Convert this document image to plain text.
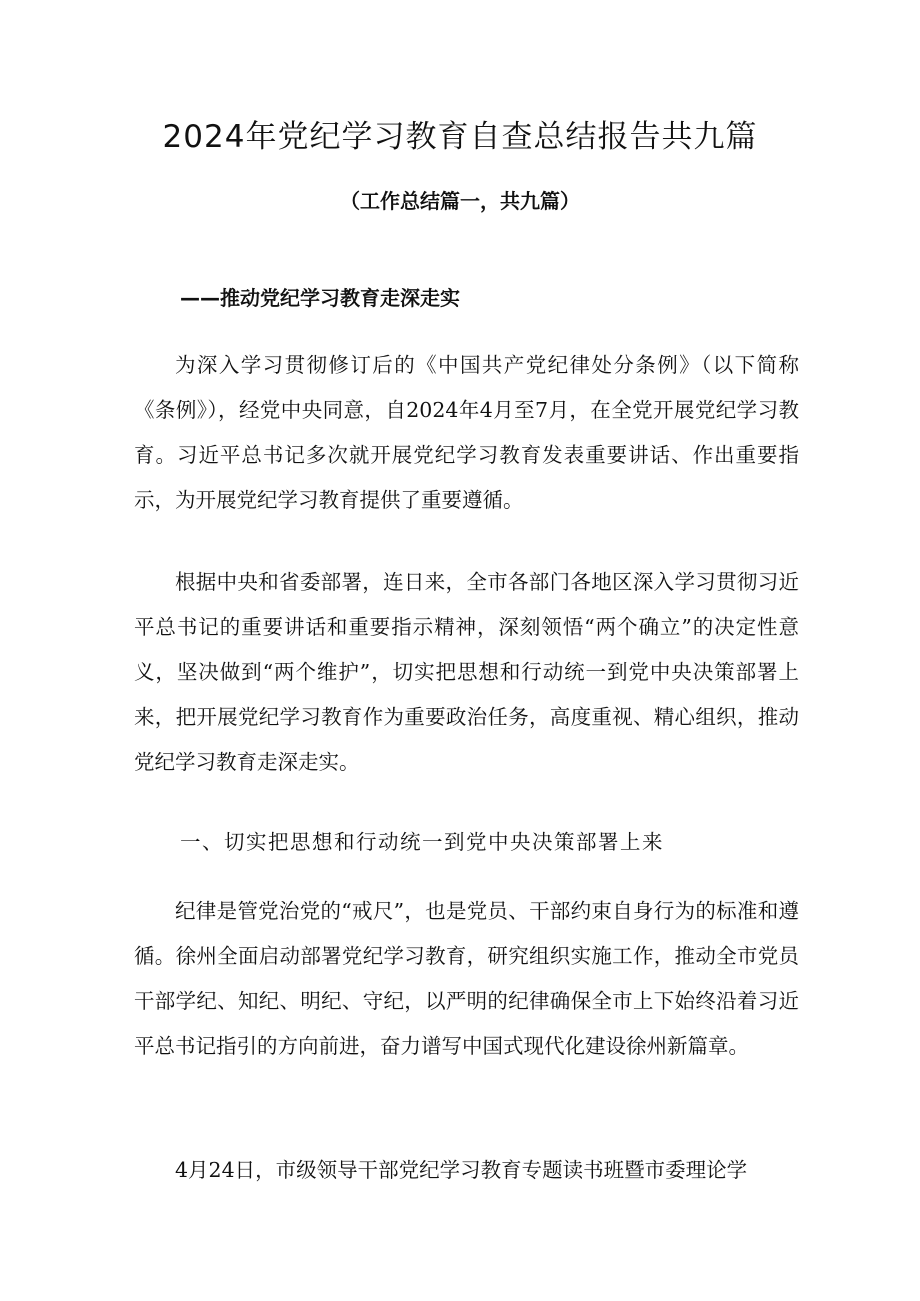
2024年党纪学习教育自查总结报告共九篇
（工作总结篇一，共九篇）
——推动党纪学习教育走深走实

为深入学习贯彻修订后的《中国共产党纪律处分条例》（以下简称《条例》），经党中央同意，自2024年4月至7月，在全党开展党纪学习教育。习近平总书记多次就开展党纪学习教育发表重要讲话、作出重要指示，为开展党纪学习教育提供了重要遵循。

根据中央和省委部署，连日来，全市各部门各地区深入学习贯彻习近平总书记的重要讲话和重要指示精神，深刻领悟“两个确立”的决定性意义，坚决做到“两个维护”，切实把思想和行动统一到党中央决策部署上来，把开展党纪学习教育作为重要政治任务，高度重视、精心组织，推动党纪学习教育走深走实。

一、切实把思想和行动统一到党中央决策部署上来

纪律是管党治党的“戒尺”，也是党员、干部约束自身行为的标准和遵循。徐州全面启动部署党纪学习教育，研究组织实施工作，推动全市党员干部学纪、知纪、明纪、守纪，以严明的纪律确保全市上下始终沿着习近平总书记指引的方向前进，奋力谱写中国式现代化建设徐州新篇章。

4月24日，市级领导干部党纪学习教育专题读书班暨市委理论学
